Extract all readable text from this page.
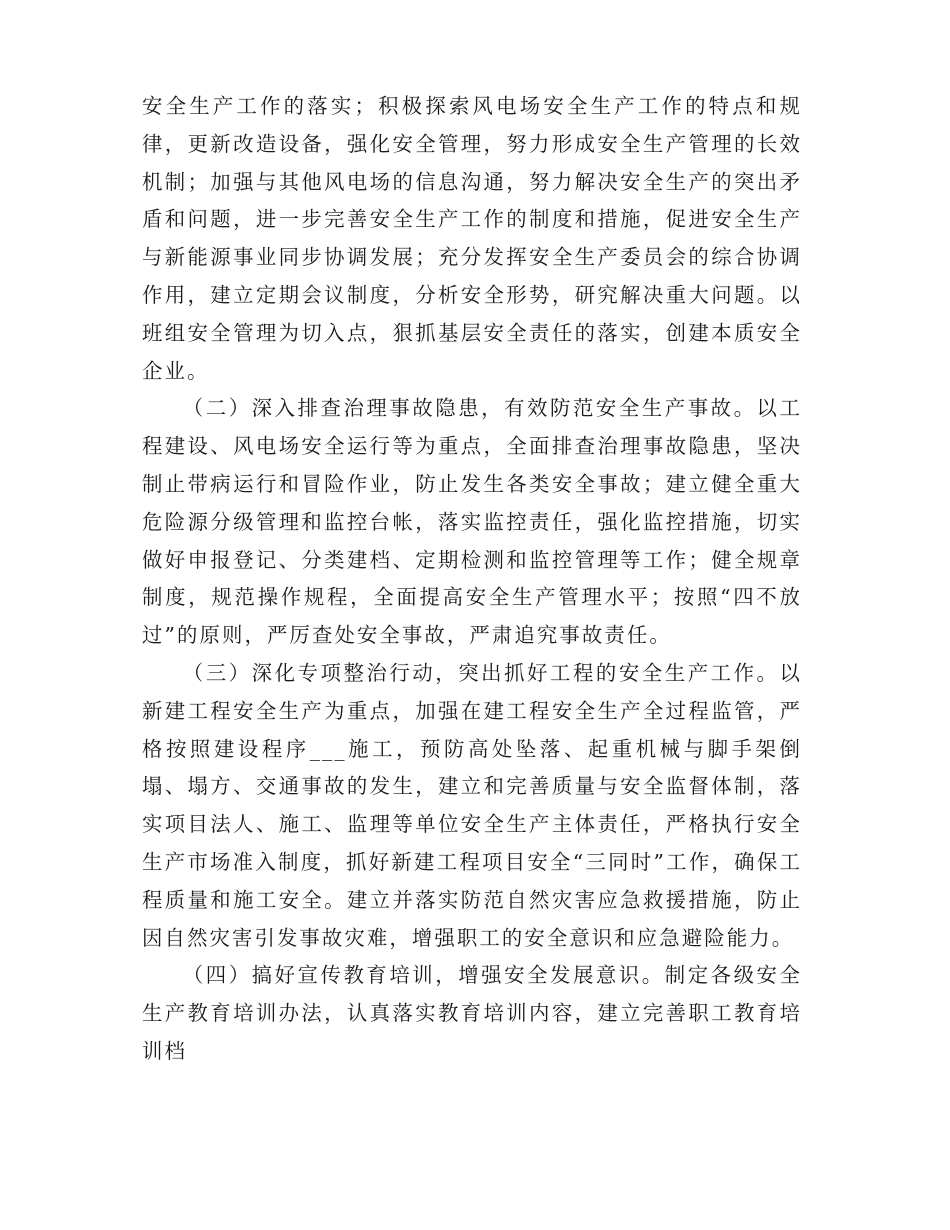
安全生产工作的落实；积极探索风电场安全生产工作的特点和规律，更新改造设备，强化安全管理，努力形成安全生产管理的长效机制；加强与其他风电场的信息沟通，努力解决安全生产的突出矛盾和问题，进一步完善安全生产工作的制度和措施，促进安全生产与新能源事业同步协调发展；充分发挥安全生产委员会的综合协调作用，建立定期会议制度，分析安全形势，研究解决重大问题。以班组安全管理为切入点，狠抓基层安全责任的落实，创建本质安全企业。

（二）深入排查治理事故隐患，有效防范安全生产事故。以工程建设、风电场安全运行等为重点，全面排查治理事故隐患，坚决制止带病运行和冒险作业，防止发生各类安全事故；建立健全重大危险源分级管理和监控台帐，落实监控责任，强化监控措施，切实做好申报登记、分类建档、定期检测和监控管理等工作；健全规章制度，规范操作规程，全面提高安全生产管理水平；按照“四不放过”的原则，严厉查处安全事故，严肃追究事故责任。

（三）深化专项整治行动，突出抓好工程的安全生产工作。以新建工程安全生产为重点，加强在建工程安全生产全过程监管，严格按照建设程序___施工，预防高处坠落、起重机械与脚手架倒塌、塌方、交通事故的发生，建立和完善质量与安全监督体制，落实项目法人、施工、监理等单位安全生产主体责任，严格执行安全生产市场准入制度，抓好新建工程项目安全“三同时”工作，确保工程质量和施工安全。建立并落实防范自然灾害应急救援措施，防止因自然灾害引发事故灾难，增强职工的安全意识和应急避险能力。

（四）搞好宣传教育培训，增强安全发展意识。制定各级安全生产教育培训办法，认真落实教育培训内容，建立完善职工教育培训档
